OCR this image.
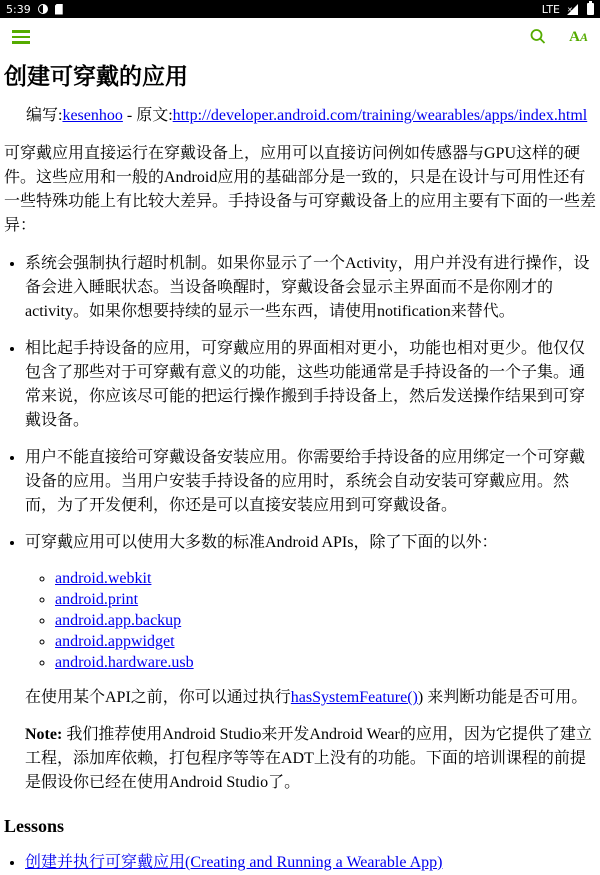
5:39	LTE ✕
AA
创建可穿戴的应用
编写:kesenhoo - 原文:http://developer.android.com/training/wearables/apps/index.html

可穿戴应用直接运行在穿戴设备上，应用可以直接访问例如传感器与GPU这样的硬件。这些应用和一般的Android应用的基础部分是一致的，只是在设计与可用性还有一些特殊功能上有比较大差异。手持设备与可穿戴设备上的应用主要有下面的一些差异：

• 系统会强制执行超时机制。如果你显示了一个Activity，用户并没有进行操作，设备会进入睡眠状态。当设备唤醒时，穿戴设备会显示主界面而不是你刚才的activity。如果你想要持续的显示一些东西，请使用notification来替代。
• 相比起手持设备的应用，可穿戴应用的界面相对更小，功能也相对更少。他仅仅包含了那些对于可穿戴有意义的功能，这些功能通常是手持设备的一个子集。通常来说，你应该尽可能的把运行操作搬到手持设备上，然后发送操作结果到可穿戴设备。
• 用户不能直接给可穿戴设备安装应用。你需要给手持设备的应用绑定一个可穿戴设备的应用。当用户安装手持设备的应用时，系统会自动安装可穿戴应用。然而，为了开发便利，你还是可以直接安装应用到可穿戴设备。

• 可穿戴应用可以使用大多数的标准Android APIs，除了下面的以外：

◦ android.webkit
◦ android.print
◦ android.app.backup
◦ android.appwidget
◦ android.hardware.usb

在使用某个API之前，你可以通过执行hasSystemFeature()) 来判断功能是否可用。

Note: 我们推荐使用Android Studio来开发Android Wear的应用，因为它提供了建立工程，添加库依赖，打包程序等等在ADT上没有的功能。下面的培训课程的前提是假设你已经在使用Android Studio了。

Lessons
• 创建并执行可穿戴应用(Creating and Running a Wearable App)
